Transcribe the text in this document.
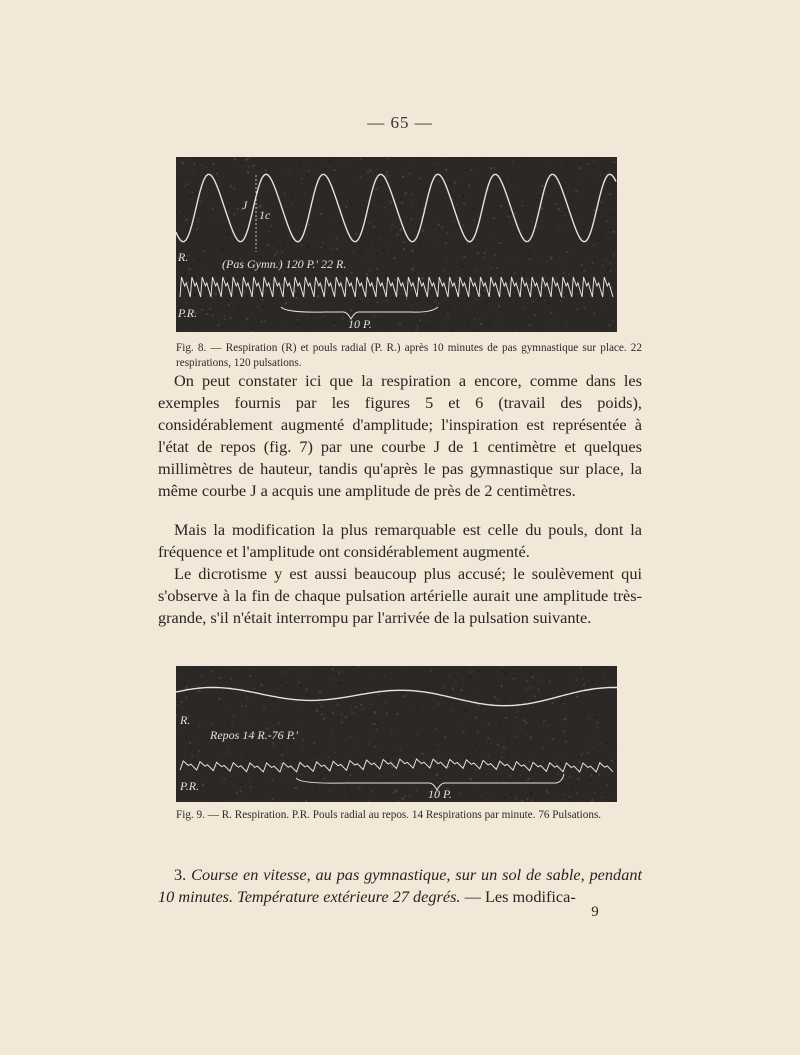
— 65 —
J
1c
R.	(Pas Gymn.) 120 P.' 22 R.
P.R.
10 P.
Fig. 8. — Respiration (R) et pouls radial (P. R.) après 10 minutes de pas gymnastique sur place. 22 respirations, 120 pulsations.
On peut constater ici que la respiration a encore, comme dans les exemples fournis par les figures 5 et 6 (travail des poids), considérablement augmenté d'amplitude; l'inspiration est représentée à l'état de repos (fig. 7) par une courbe J de 1 centimètre et quelques millimètres de hauteur, tandis qu'après le pas gymnastique sur place, la même courbe J a acquis une amplitude de près de 2 centimètres.
Mais la modification la plus remarquable est celle du pouls, dont la fréquence et l'amplitude ont considérablement augmenté.
Le dicrotisme y est aussi beaucoup plus accusé; le soulèvement qui s'observe à la fin de chaque pulsation artérielle aurait une amplitude très-grande, s'il n'était interrompu par l'arrivée de la pulsation suivante.
R.
Repos 14 R.-76 P.'
P.R.
10 P.
Fig. 9. — R. Respiration. P.R. Pouls radial au repos. 14 Respirations par minute. 76 Pulsations.
3. Course en vitesse, au pas gymnastique, sur un sol de sable, pendant 10 minutes. Température extérieure 27 degrés. — Les modifica-
9
